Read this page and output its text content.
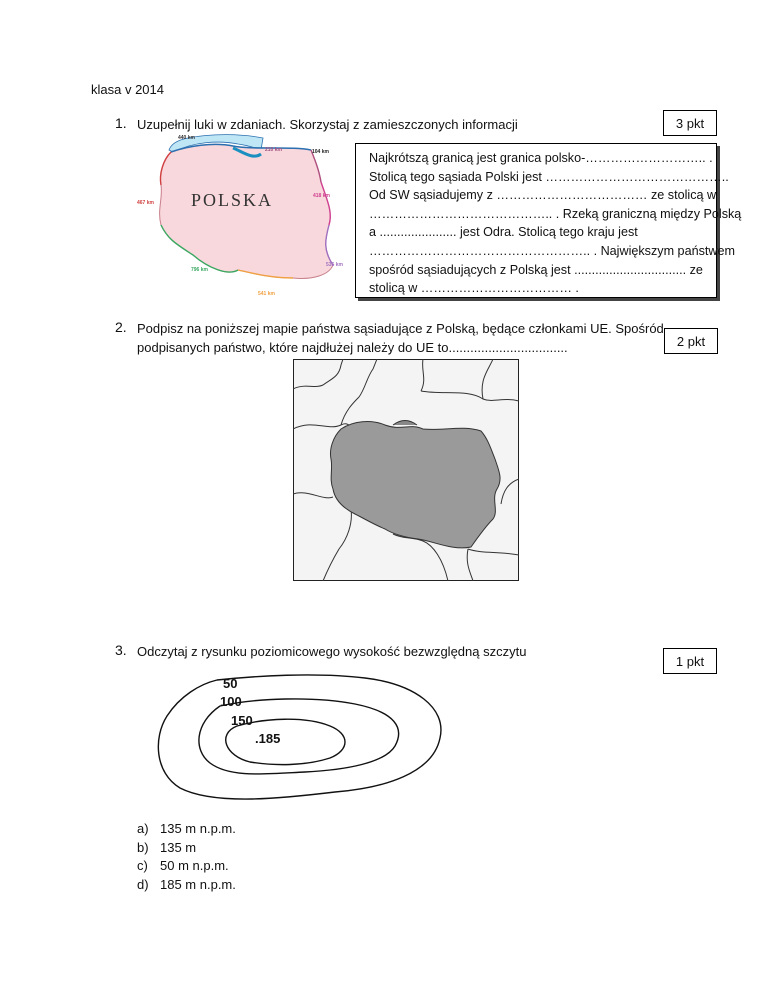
klasa v 2014
1. Uzupełnij luki w zdaniach. Skorzystaj z zamieszczonych informacji	3 pkt
POLSKA
440 km
210 km	104 km
467 km
418 km
796 km
535 km
541 km
Najkrótszą granicą jest granica polsko-……………………….. .
Stolicą tego sąsiada Polski jest ……………………………………..
Od SW sąsiadujemy z ……………………………… ze stolicą w
…………………………………….. . Rzeką graniczną między Polską
a ...................... jest Odra. Stolicą tego kraju jest
…………………………………………….. . Największym państwem
spośród sąsiadujących z Polską jest ................................ ze
stolicą w ……………………………… .
2. Podpisz na poniższej mapie państwa sąsiadujące z Polską, będące członkami UE. Spośród
podpisanych państwo, które najdłużej należy do UE to.................................	2 pkt
3. Odczytaj z rysunku poziomicowego wysokość bezwzględną szczytu
1 pkt
50
100
150
.185
a) 135 m n.p.m.
b) 135 m
c) 50 m n.p.m.
d) 185 m n.p.m.
